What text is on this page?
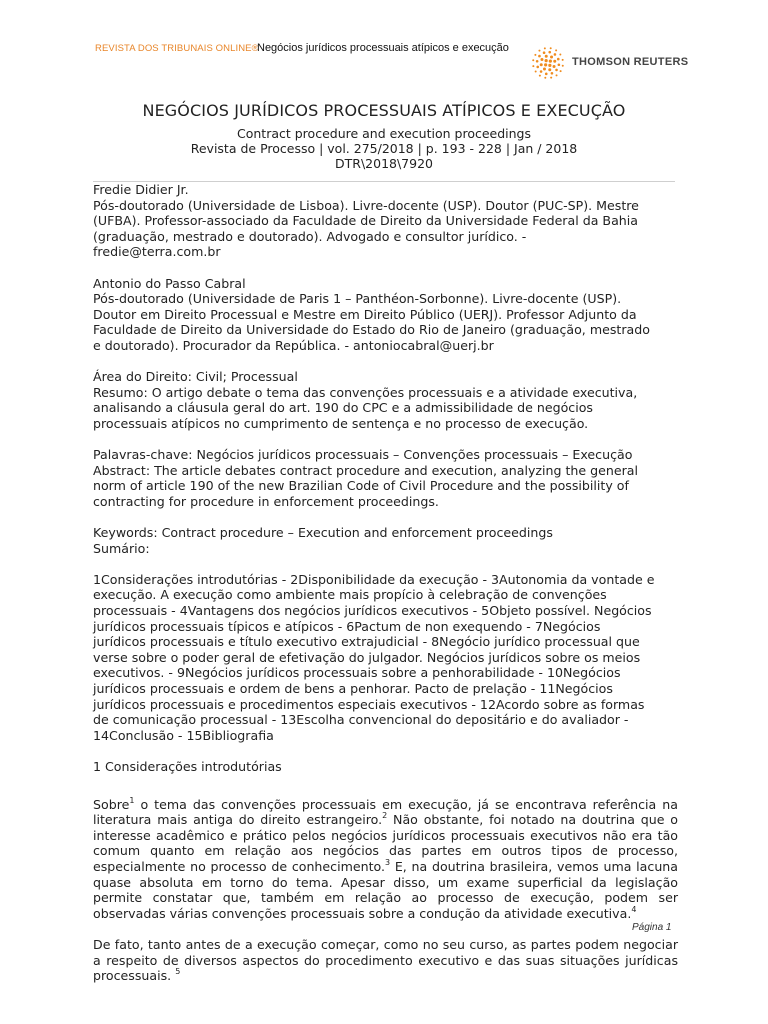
REVISTA DOS TRIBUNAIS ONLINE®
Negócios jurídicos processuais atípicos e execução
THOMSON REUTERS
NEGÓCIOS JURÍDICOS PROCESSUAIS ATÍPICOS E EXECUÇÃO
Contract procedure and execution proceedings
Revista de Processo | vol. 275/2018 | p. 193 - 228 | Jan / 2018
DTR\2018\7920

Fredie Didier Jr.

Pós-doutorado (Universidade de Lisboa). Livre-docente (USP). Doutor (PUC-SP). Mestre

(UFBA). Professor-associado da Faculdade de Direito da Universidade Federal da Bahia

(graduação, mestrado e doutorado). Advogado e consultor jurídico. -

fredie@terra.com.br

Antonio do Passo Cabral

Pós-doutorado (Universidade de Paris 1 – Panthéon-Sorbonne). Livre-docente (USP).

Doutor em Direito Processual e Mestre em Direito Público (UERJ). Professor Adjunto da

Faculdade de Direito da Universidade do Estado do Rio de Janeiro (graduação, mestrado

e doutorado). Procurador da República. - antoniocabral@uerj.br

Área do Direito: Civil; Processual

Resumo: O artigo debate o tema das convenções processuais e a atividade executiva,

analisando a cláusula geral do art. 190 do CPC e a admissibilidade de negócios

processuais atípicos no cumprimento de sentença e no processo de execução.

Palavras-chave: Negócios jurídicos processuais – Convenções processuais – Execução

Abstract: The article debates contract procedure and execution, analyzing the general

norm of article 190 of the new Brazilian Code of Civil Procedure and the possibility of

contracting for procedure in enforcement proceedings.

Keywords: Contract procedure – Execution and enforcement proceedings

Sumário:

1Considerações introdutórias - 2Disponibilidade da execução - 3Autonomia da vontade e

execução. A execução como ambiente mais propício à celebração de convenções

processuais - 4Vantagens dos negócios jurídicos executivos - 5Objeto possível. Negócios

jurídicos processuais típicos e atípicos - 6Pactum de non exequendo - 7Negócios

jurídicos processuais e título executivo extrajudicial - 8Negócio jurídico processual que

verse sobre o poder geral de efetivação do julgador. Negócios jurídicos sobre os meios

executivos. - 9Negócios jurídicos processuais sobre a penhorabilidade - 10Negócios

jurídicos processuais e ordem de bens a penhorar. Pacto de prelação - 11Negócios

jurídicos processuais e procedimentos especiais executivos - 12Acordo sobre as formas

de comunicação processual - 13Escolha convencional do depositário e do avaliador -

14Conclusão - 15Bibliografia

1 Considerações introdutórias

Sobre$^1$ o tema das convenções processuais em execução, já se encontrava referência na literatura mais antiga do direito estrangeiro.$^2$ Não obstante, foi notado na doutrina que o interesse acadêmico e prático pelos negócios jurídicos processuais executivos não era tão comum quanto em relação aos negócios das partes em outros tipos de processo, especialmente no processo de conhecimento.$^3$ E, na doutrina brasileira, vemos uma lacuna quase absoluta em torno do tema. Apesar disso, um exame superficial da legislação permite constatar que, também em relação ao processo de execução, podem ser observadas várias convenções processuais sobre a condução da atividade executiva.$^4$

De fato, tanto antes de a execução começar, como no seu curso, as partes podem negociar a respeito de diversos aspectos do procedimento executivo e das suas situações jurídicas processuais. $^5$

Página 1
